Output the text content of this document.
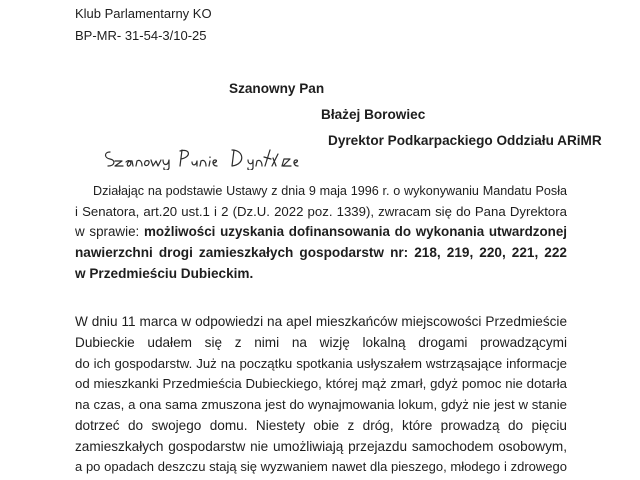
Klub Parlamentarny KO
BP-MR- 31-54-3/10-25
Szanowny Pan
Błażej Borowiec
Dyrektor Podkarpackiego Oddziału ARiMR
Działając na podstawie Ustawy z dnia 9 maja 1996 r. o wykonywaniu Mandatu Posła
i Senatora, art.20 ust.1 i 2 (Dz.U. 2022 poz. 1339), zwracam się do Pana Dyrektora
w sprawie: możliwości uzyskania dofinansowania do wykonania utwardzonej
nawierzchni drogi zamieszkałych gospodarstw nr: 218, 219, 220, 221, 222
w Przedmieściu Dubieckim.
W dniu 11 marca w odpowiedzi na apel mieszkańców miejscowości Przedmieście
Dubieckie udałem się z nimi na wizję lokalną drogami prowadzącymi
do ich gospodarstw. Już na początku spotkania usłyszałem wstrząsające informacje
od mieszkanki Przedmieścia Dubieckiego, której mąż zmarł, gdyż pomoc nie dotarła
na czas, a ona sama zmuszona jest do wynajmowania lokum, gdyż nie jest w stanie
dotrzeć do swojego domu. Niestety obie z dróg, które prowadzą do pięciu
zamieszkałych gospodarstw nie umożliwiają przejazdu samochodem osobowym,
a po opadach deszczu stają się wyzwaniem nawet dla pieszego, młodego i zdrowego
